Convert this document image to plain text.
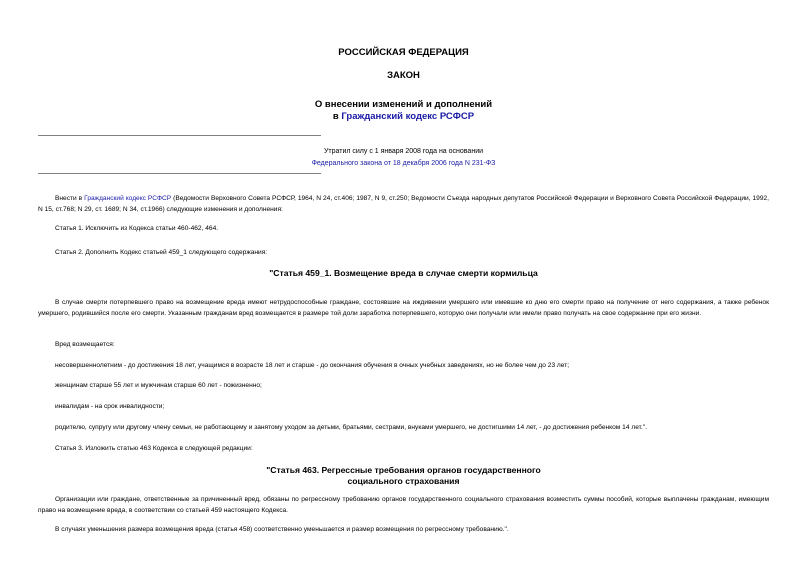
РОССИЙСКАЯ ФЕДЕРАЦИЯ
ЗАКОН
О внесении изменений и дополнений
в Гражданский кодекс РСФСР
Утратил силу с 1 января 2008 года на основании
Федерального закона от 18 декабря 2006 года N 231-ФЗ
Внести в Гражданский кодекс РСФСР (Ведомости Верховного Совета РСФСР, 1964, N 24, ст.406; 1987, N 9, ст.250; Ведомости Съезда народных депутатов Российской Федерации и Верховного Совета Российской Федерации, 1992, N 15, ст.768; N 29, ст. 1689; N 34, ст.1966) следующие изменения и дополнения:
Статья 1. Исключить из Кодекса статьи 460-462, 464.
Статья 2. Дополнить Кодекс статьей 459_1 следующего содержания:
"Статья 459_1. Возмещение вреда в случае смерти кормильца
В случае смерти потерпевшего право на возмещение вреда имеют нетрудоспособные граждане, состоявшие на иждивении умершего или имевшие ко дню его смерти право на получение от него содержания, а также ребенок умершего, родившийся после его смерти. Указанным гражданам вред возмещается в размере той доли заработка потерпевшего, которую они получали или имели право получать на свое содержание при его жизни.
Вред возмещается:
несовершеннолетним - до достижения 18 лет, учащимся в возрасте 18 лет и старше - до окончания обучения в очных учебных заведениях, но не более чем до 23 лет;
женщинам старше 55 лет и мужчинам старше 60 лет - пожизненно;
инвалидам - на срок инвалидности;
родителю, супругу или другому члену семьи, не работающему и занятому уходом за детьми, братьями, сестрами, внуками умершего, не достигшими 14 лет, - до достижения ребенком 14 лет.".
Статья 3. Изложить статью 463 Кодекса в следующей редакции:
"Статья 463. Регрессные требования органов государственного
социального страхования
Организации или граждане, ответственные за причиненный вред, обязаны по регрессному требованию органов государственного социального страхования возместить суммы пособий, которые выплачены гражданам, имеющим право на возмещение вреда, в соответствии со статьей 459 настоящего Кодекса.
В случаях уменьшения размера возмещения вреда (статья 458) соответственно уменьшается и размер возмещения по регрессному требованию.".
